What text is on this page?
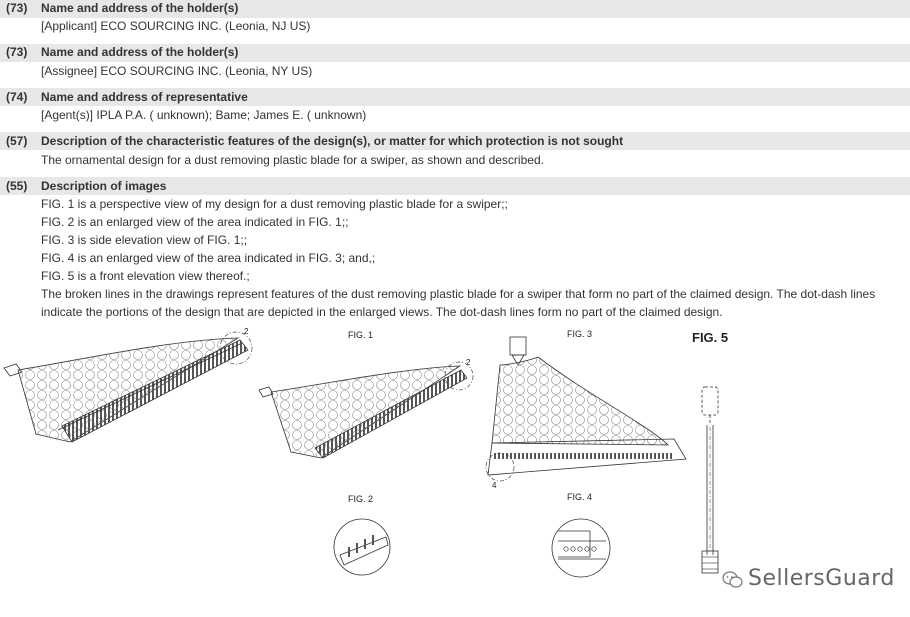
(73) Name and address of the holder(s)
[Applicant] ECO SOURCING INC. (Leonia, NJ US)
(73) Name and address of the holder(s)
[Assignee] ECO SOURCING INC. (Leonia, NY US)
(74) Name and address of representative
[Agent(s)] IPLA P.A. ( unknown); Bame; James E. ( unknown)
(57) Description of the characteristic features of the design(s), or matter for which protection is not sought
The ornamental design for a dust removing plastic blade for a swiper, as shown and described.
(55) Description of images
FIG. 1 is a perspective view of my design for a dust removing plastic blade for a swiper;;
FIG. 2 is an enlarged view of the area indicated in FIG. 1;;
FIG. 3 is side elevation view of FIG. 1;;
FIG. 4 is an enlarged view of the area indicated in FIG. 3; and,;
FIG. 5 is a front elevation view thereof.;
The broken lines in the drawings represent features of the dust removing plastic blade for a swiper that form no part of the claimed design. The dot-dash lines indicate the portions of the design that are depicted in the enlarged views. The dot-dash lines form no part of the claimed design.
FIG. 1
FIG. 2
FIG. 3
FIG. 4
FIG. 5
2
2
4
SellersGuard
